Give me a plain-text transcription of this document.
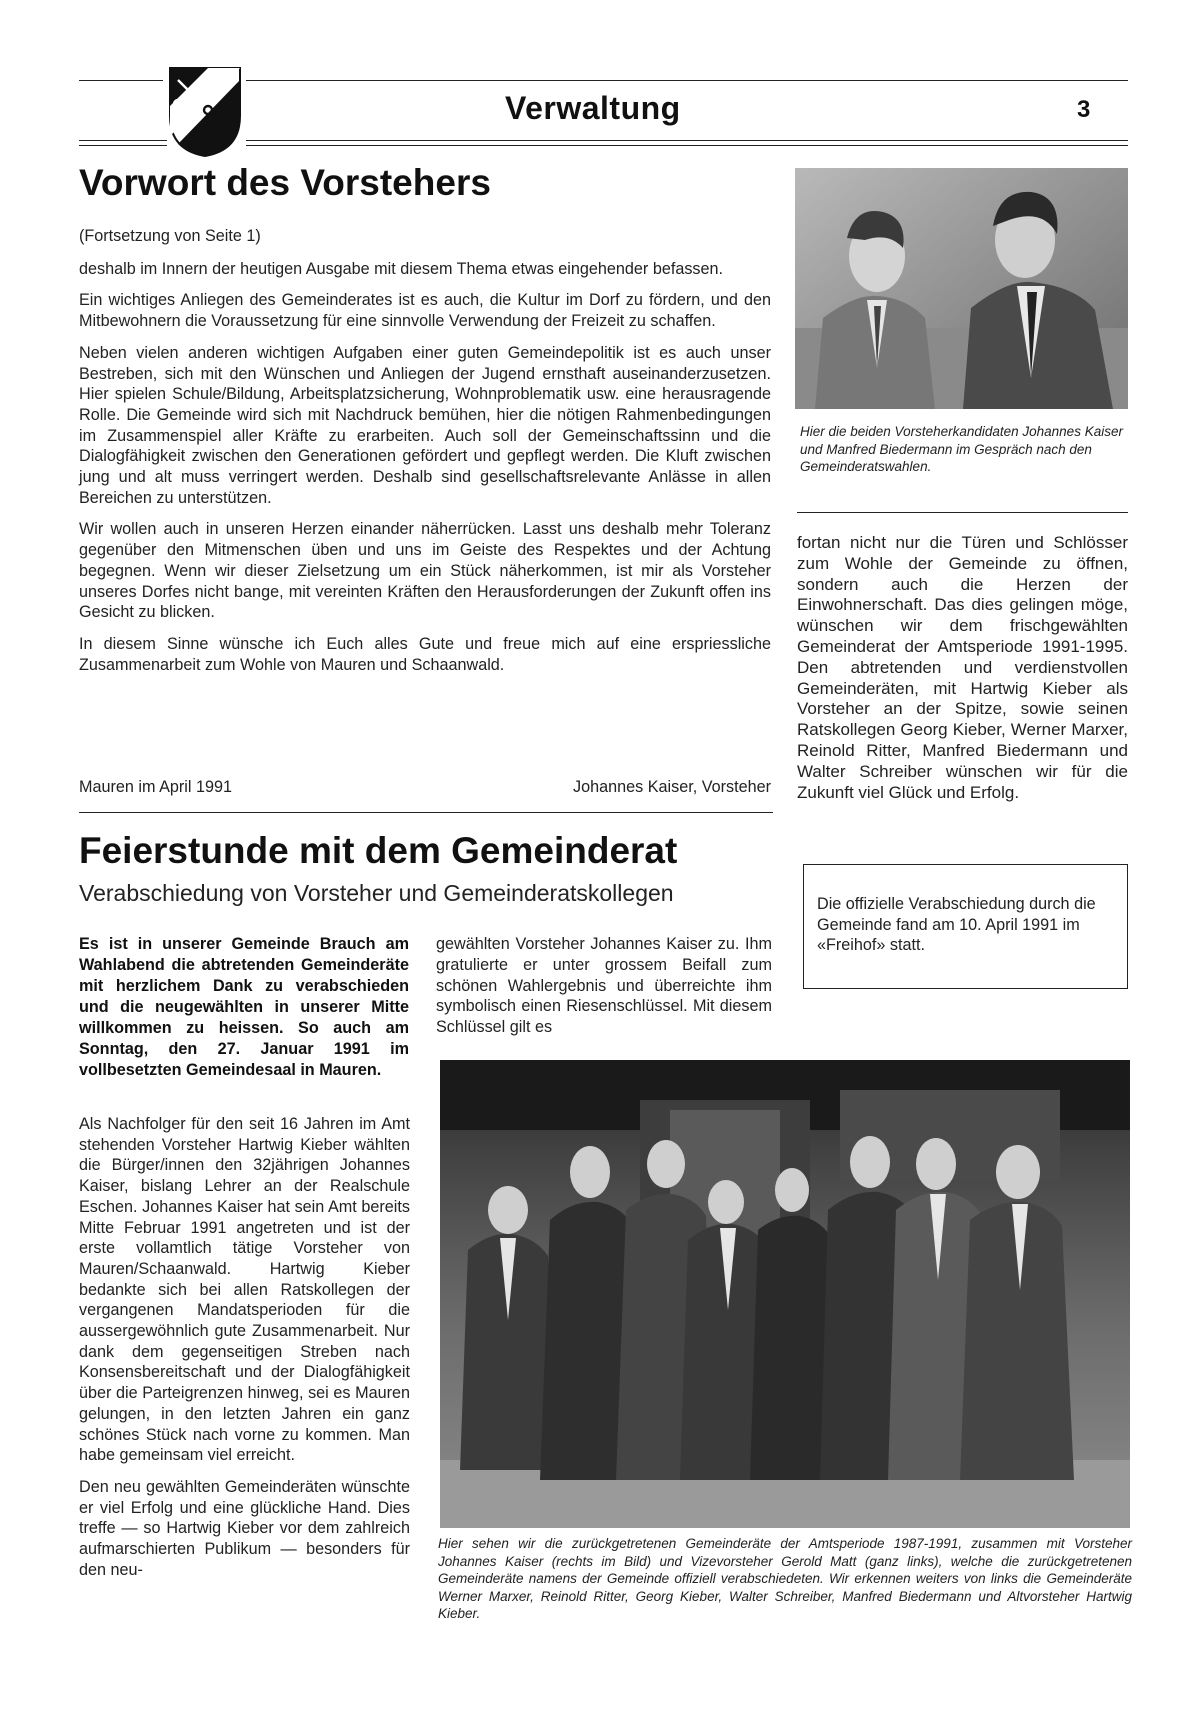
Verwaltung	3
Vorwort des Vorstehers

(Fortsetzung von Seite 1)

deshalb im Innern der heutigen Ausgabe mit diesem Thema etwas eingehender befassen.

Ein wichtiges Anliegen des Gemeinderates ist es auch, die Kultur im Dorf zu fördern, und den Mitbewohnern die Voraussetzung für eine sinnvolle Verwendung der Freizeit zu schaffen.

Neben vielen anderen wichtigen Aufgaben einer guten Gemeindepolitik ist es auch unser Bestreben, sich mit den Wünschen und Anliegen der Jugend ernsthaft auseinanderzusetzen. Hier spielen Schule/Bildung, Arbeitsplatzsicherung, Wohnproblematik usw. eine herausragende Rolle. Die Gemeinde wird sich mit Nachdruck bemühen, hier die nötigen Rahmenbedingungen im Zusammenspiel aller Kräfte zu erarbeiten. Auch soll der Gemeinschaftssinn und die Dialogfähigkeit zwischen den Generationen gefördert und gepflegt werden. Die Kluft zwischen jung und alt muss verringert werden. Deshalb sind gesellschaftsrelevante Anlässe in allen Bereichen zu unterstützen.

Wir wollen auch in unseren Herzen einander näherrücken. Lasst uns deshalb mehr Toleranz gegenüber den Mitmenschen üben und uns im Geiste des Respektes und der Achtung begegnen. Wenn wir dieser Zielsetzung um ein Stück näherkommen, ist mir als Vorsteher unseres Dorfes nicht bange, mit vereinten Kräften den Herausforderungen der Zukunft offen ins Gesicht zu blicken.

In diesem Sinne wünsche ich Euch alles Gute und freue mich auf eine erspriessliche Zusammenarbeit zum Wohle von Mauren und Schaanwald.

Mauren im April 1991	Johannes Kaiser, Vorsteher
Hier die beiden Vorsteherkandidaten Johannes Kaiser und Manfred Biedermann im Gespräch nach den Gemeinderatswahlen.
fortan nicht nur die Türen und Schlösser zum Wohle der Gemeinde zu öffnen, sondern auch die Herzen der Einwohnerschaft. Das dies gelingen möge, wünschen wir dem frischgewählten Gemeinderat der Amtsperiode 1991-1995. Den abtretenden und verdienstvollen Gemeinderäten, mit Hartwig Kieber als Vorsteher an der Spitze, sowie seinen Ratskollegen Georg Kieber, Werner Marxer, Reinold Ritter, Manfred Biedermann und Walter Schreiber wünschen wir für die Zukunft viel Glück und Erfolg.
Feierstunde mit dem Gemeinderat
Verabschiedung von Vorsteher und Gemeinderatskollegen	Die offizielle Verabschiedung durch die Gemeinde fand am 10. April 1991 im «Freihof» statt.
Es ist in unserer Gemeinde Brauch am Wahlabend die abtretenden Gemeinderäte mit herzlichem Dank zu verabschieden und die neugewählten in unserer Mitte willkommen zu heissen. So auch am Sonntag, den 27. Januar 1991 im vollbesetzten Gemeindesaal in Mauren.

Als Nachfolger für den seit 16 Jahren im Amt stehenden Vorsteher Hartwig Kieber wählten die Bürger/innen den 32jährigen Johannes Kaiser, bislang Lehrer an der Realschule Eschen. Johannes Kaiser hat sein Amt bereits Mitte Februar 1991 angetreten und ist der erste vollamtlich tätige Vorsteher von Mauren/Schaanwald. Hartwig Kieber bedankte sich bei allen Ratskollegen der vergangenen Mandatsperioden für die aussergewöhnlich gute Zusammenarbeit. Nur dank dem gegenseitigen Streben nach Konsensbereitschaft und der Dialogfähigkeit über die Parteigrenzen hinweg, sei es Mauren gelungen, in den letzten Jahren ein ganz schönes Stück nach vorne zu kommen. Man habe gemeinsam viel erreicht.

Den neu gewählten Gemeinderäten wünschte er viel Erfolg und eine glückliche Hand. Dies treffe — so Hartwig Kieber vor dem zahlreich aufmarschierten Publikum — besonders für den neu-

gewählten Vorsteher Johannes Kaiser zu. Ihm gratulierte er unter grossem Beifall zum schönen Wahlergebnis und überreichte ihm symbolisch einen Riesenschlüssel. Mit diesem Schlüssel gilt es
Hier sehen wir die zurückgetretenen Gemeinderäte der Amtsperiode 1987-1991, zusammen mit Vorsteher Johannes Kaiser (rechts im Bild) und Vizevorsteher Gerold Matt (ganz links), welche die zurückgetretenen Gemeinderäte namens der Gemeinde offiziell verabschiedeten. Wir erkennen weiters von links die Gemeinderäte Werner Marxer, Reinold Ritter, Georg Kieber, Walter Schreiber, Manfred Biedermann und Altvorsteher Hartwig Kieber.
